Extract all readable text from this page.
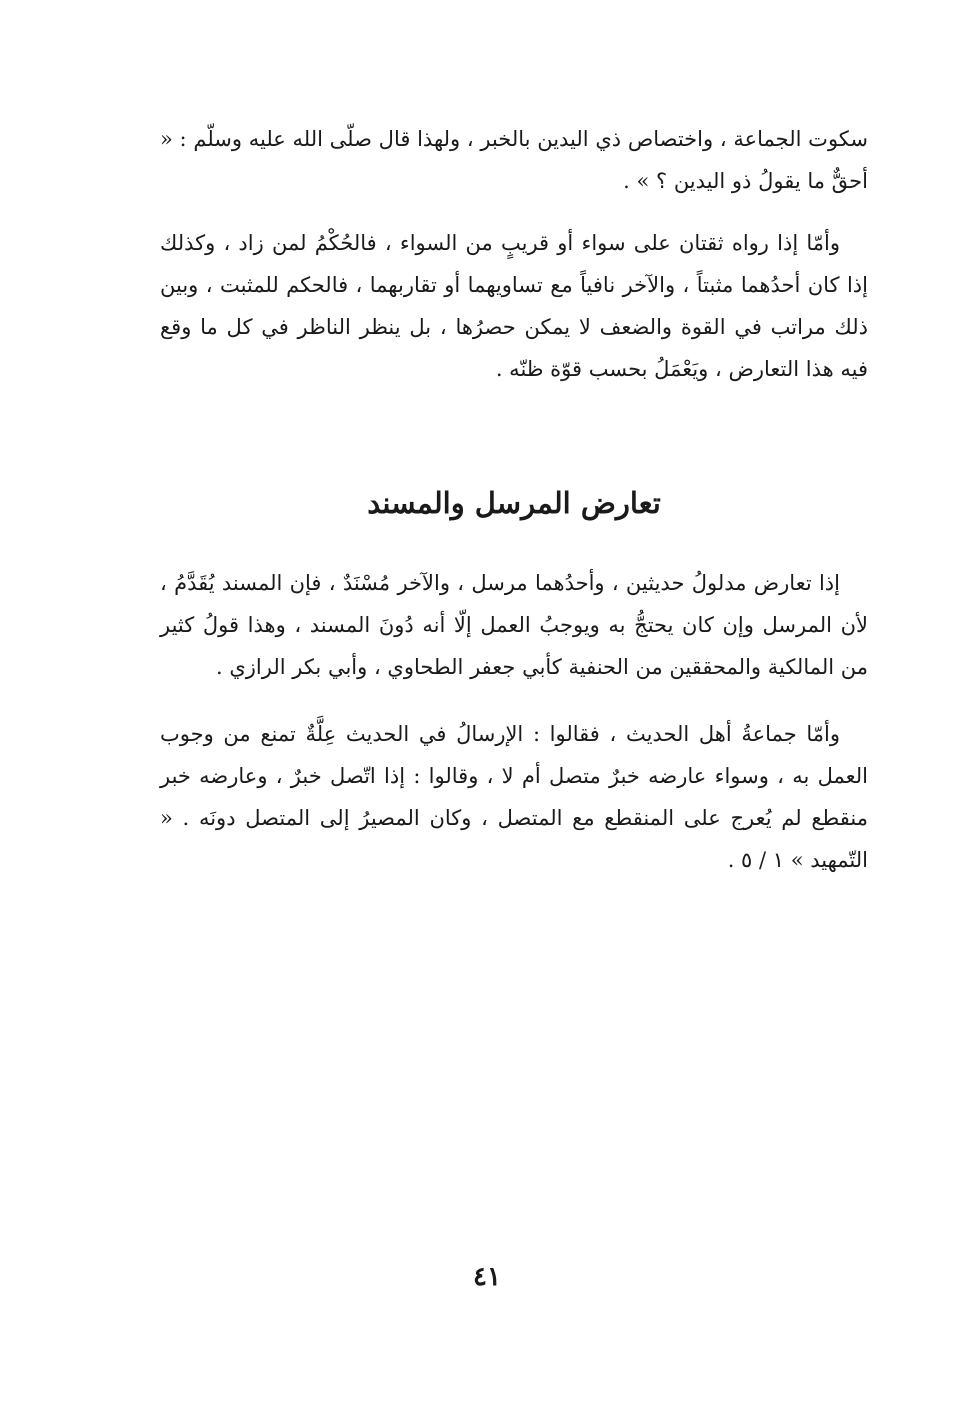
سكوت الجماعة ، واختصاص ذي اليدين بالخبر ، ولهذا قال صلّى الله عليه وسلّم : « أحقٌّ ما يقولُ ذو اليدين ؟ » .

وأمّا إذا رواه ثقتان على سواء أو قريبٍ من السواء ، فالحُكْمُ لمن زاد ، وكذلك إذا كان أحدُهما مثبتاً ، والآخر نافياً مع تساويهما أو تقاربهما ، فالحكم للمثبت ، وبين ذلك مراتب في القوة والضعف لا يمكن حصرُها ، بل ينظر الناظر في كل ما وقع فيه هذا التعارض ، ويَعْمَلُ بحسب قوّة ظنّه .

تعارض المرسل والمسند

إذا تعارض مدلولُ حديثين ، وأحدُهما مرسل ، والآخر مُسْنَدٌ ، فإن المسند يُقَدَّمُ ، لأن المرسل وإن كان يحتجُّ به ويوجبُ العمل إلّا أنه دُونَ المسند ، وهذا قولُ كثير من المالكية والمحققين من الحنفية كأبي جعفر الطحاوي ، وأبي بكر الرازي .

وأمّا جماعةُ أهل الحديث ، فقالوا : الإرسالُ في الحديث عِلَّةٌ تمنع من وجوب العمل به ، وسواء عارضه خبرٌ متصل أم لا ، وقالوا : إذا اتّصل خبرٌ ، وعارضه خبر منقطع لم يُعرج على المنقطع مع المتصل ، وكان المصيرُ إلى المتصل دونَه . « التّمهيد » ١ / ٥ .

٤١
